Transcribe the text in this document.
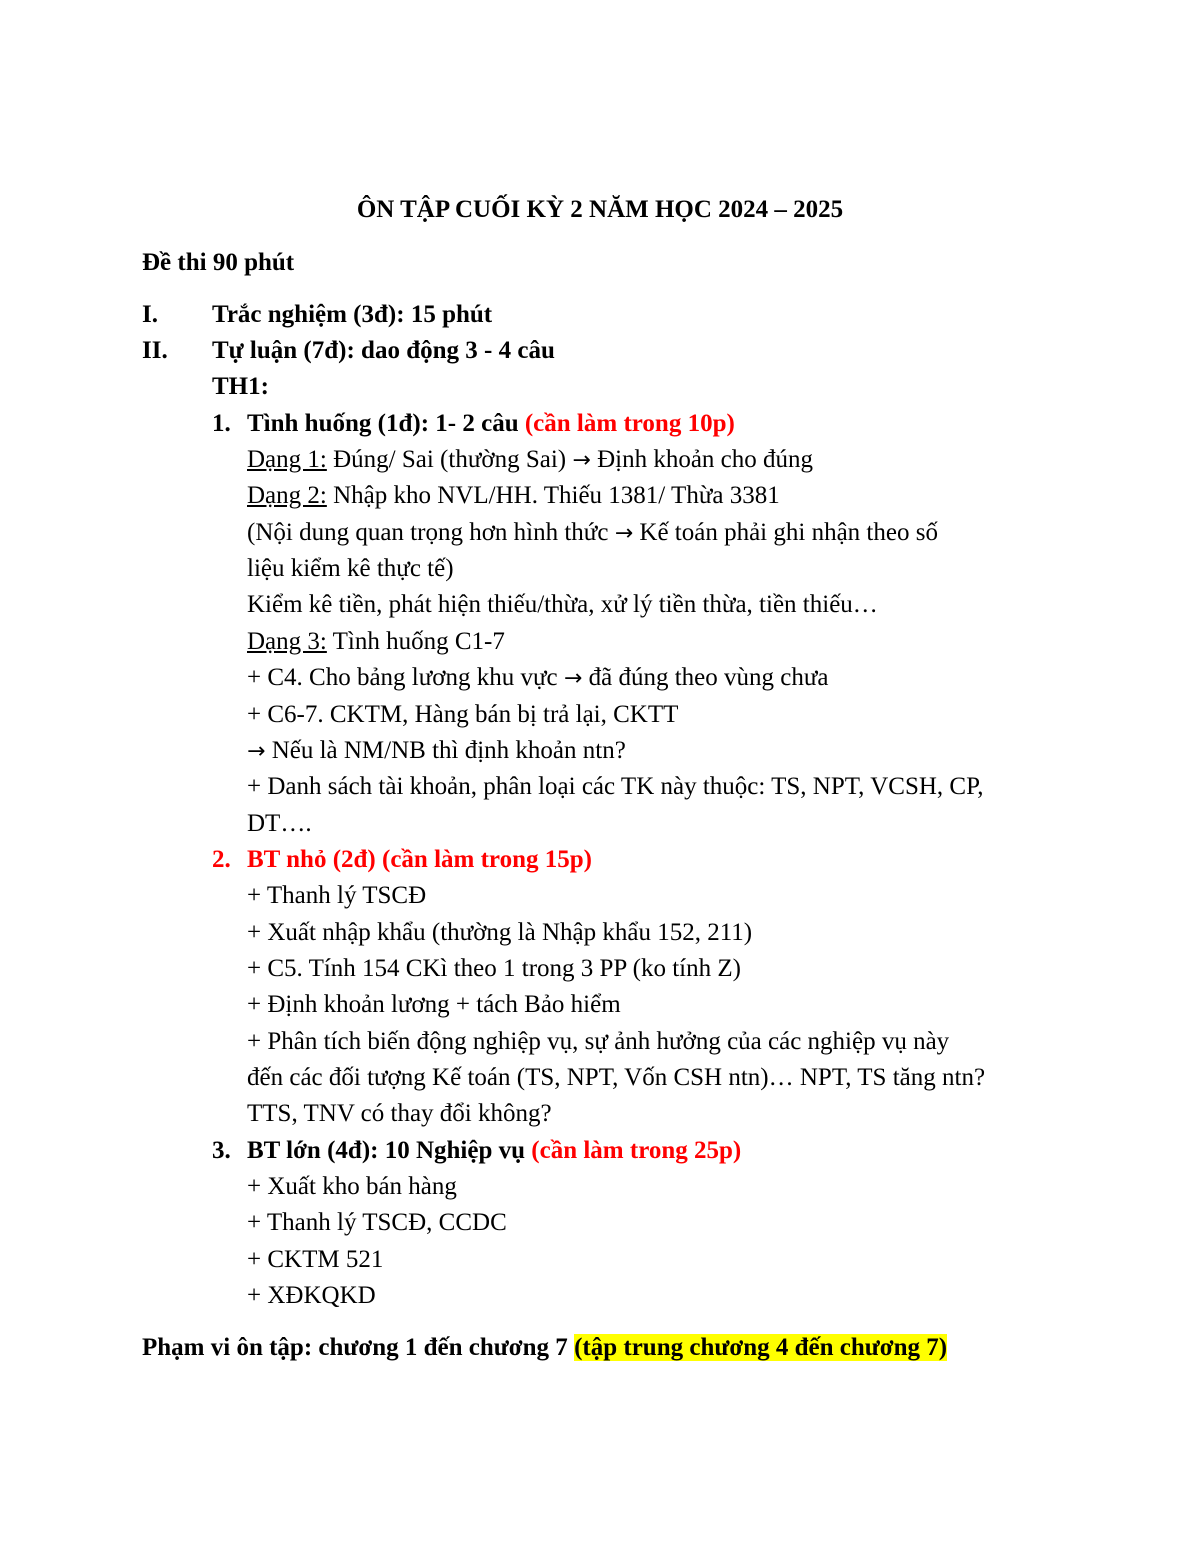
ÔN TẬP CUỐI KỲ 2 NĂM HỌC 2024 – 2025
Đề thi 90 phút
I. Trắc nghiệm (3đ): 15 phút
II. Tự luận (7đ): dao động 3 - 4 câu
TH1:
1. Tình huống (1đ): 1- 2 câu (cần làm trong 10p)
Dạng 1: Đúng/ Sai (thường Sai) → Định khoản cho đúng
Dạng 2: Nhập kho NVL/HH. Thiếu 1381/ Thừa 3381
(Nội dung quan trọng hơn hình thức → Kế toán phải ghi nhận theo số
liệu kiểm kê thực tế)
Kiểm kê tiền, phát hiện thiếu/thừa, xử lý tiền thừa, tiền thiếu…
Dạng 3: Tình huống C1-7
+ C4. Cho bảng lương khu vực → đã đúng theo vùng chưa
+ C6-7. CKTM, Hàng bán bị trả lại, CKTT
→ Nếu là NM/NB thì định khoản ntn?
+ Danh sách tài khoản, phân loại các TK này thuộc: TS, NPT, VCSH, CP,
DT….
2. BT nhỏ (2đ) (cần làm trong 15p)
+ Thanh lý TSCĐ
+ Xuất nhập khẩu (thường là Nhập khẩu 152, 211)
+ C5. Tính 154 CKì theo 1 trong 3 PP (ko tính Z)
+ Định khoản lương + tách Bảo hiểm
+ Phân tích biến động nghiệp vụ, sự ảnh hưởng của các nghiệp vụ này
đến các đối tượng Kế toán (TS, NPT, Vốn CSH ntn)… NPT, TS tăng ntn?
TTS, TNV có thay đổi không?
3. BT lớn (4đ): 10 Nghiệp vụ (cần làm trong 25p)
+ Xuất kho bán hàng
+ Thanh lý TSCĐ, CCDC
+ CKTM 521
+ XĐKQKD
Phạm vi ôn tập: chương 1 đến chương 7 (tập trung chương 4 đến chương 7)
